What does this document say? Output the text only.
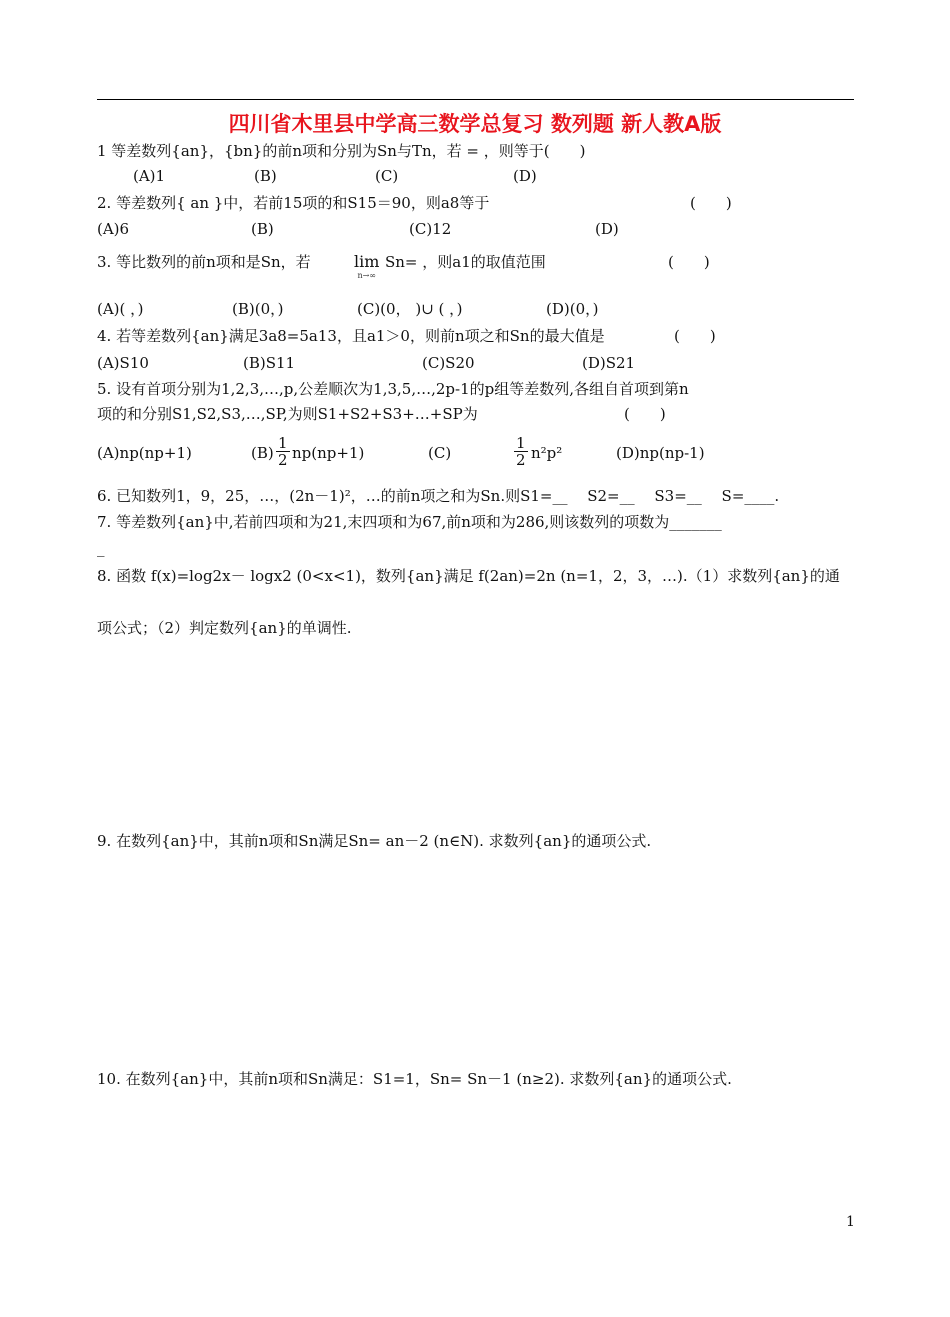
四川省木里县中学高三数学总复习 数列题 新人教A版
1 等差数列{an}，{bn}的前n项和分别为Sn与Tn，若 = ，则等于(　　)
(A)1	(B)	(C)	(D)
2. 等差数列{ an }中，若前15项的和S15＝90，则a8等于	(　　)
(A)6	(B)	(C)12	(D)
3. 等比数列的前n项和是Sn，若	lim
n→∞
Sn= ，则a1的取值范围	(　　)
(A)( ，)	(B)(0，)	(C)(0， )∪ ( ，)	(D)(0，)
4. 若等差数列{an}满足3a8=5a13，且a1＞0，则前n项之和Sn的最大值是	(　　)
(A)S10	(B)S11	(C)S20	(D)S21
5. 设有首项分别为1,2,3,…,p,公差顺次为1,3,5,…,2p-1的p组等差数列,各组自首项到第n
项的和分别S1,S2,S3,…,SP,为则S1+S2+S3+…+SP为	(　　)
(A)np(np+1)	$(B) \frac{1}{2} np(np+1)$	(C)	$\frac{1}{2} n^2p^2$	(D)np(np-1)
6. 已知数列1，9，25，…，(2n－1)²，…的前n项之和为Sn.则S1=__　 S2=__　 S3=__　 S=____.
7. 等差数列{an}中,若前四项和为21,末四项和为67,前n项和为286,则该数列的项数为_______
_
8. 函数 f(x)=log2x－ logx2 (0<x<1)，数列{an}满足 f(2an)=2n (n=1，2，3，…).（1）求数列{an}的通
项公式；（2）判定数列{an}的单调性.
9. 在数列{an}中，其前n项和Sn满足Sn= an－2 (n∈N). 求数列{an}的通项公式.
10. 在数列{an}中，其前n项和Sn满足：S1=1，Sn= Sn－1 (n≥2). 求数列{an}的通项公式.
1
